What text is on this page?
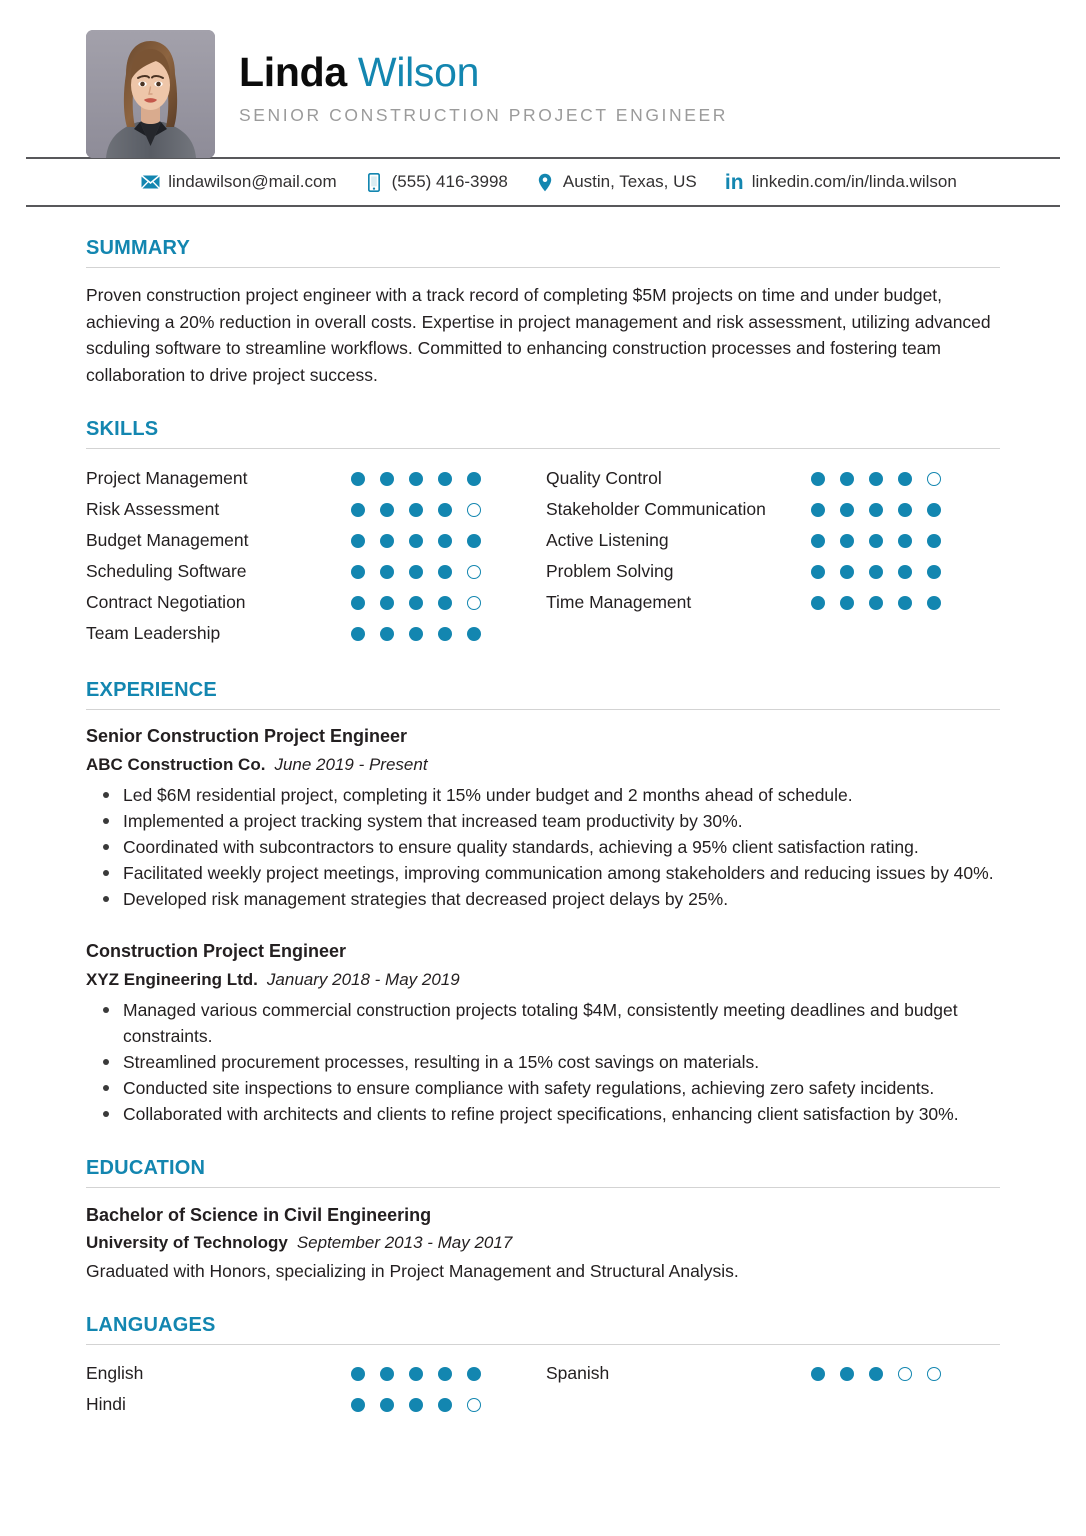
Linda Wilson
SENIOR CONSTRUCTION PROJECT ENGINEER
lindawilson@mail.com	(555) 416-3998	Austin, Texas, US in linkedin.com/in/linda.wilson
SUMMARY

Proven construction project engineer with a track record of completing $5M projects on time and under budget, achieving a 20% reduction in overall costs. Expertise in project management and risk assessment, utilizing advanced scduling software to streamline workflows. Committed to enhancing construction processes and fostering team collaboration to drive project success.

SKILLS
Project Management
Risk Assessment
Budget Management
Scheduling Software
Contract Negotiation
Team Leadership
Quality Control
Stakeholder Communication
Active Listening
Problem Solving
Time Management
EXPERIENCE
Senior Construction Project Engineer
ABC Construction Co. June 2019 - Present
Led $6M residential project, completing it 15% under budget and 2 months ahead of schedule.
Implemented a project tracking system that increased team productivity by 30%.
Coordinated with subcontractors to ensure quality standards, achieving a 95% client satisfaction rating.
Facilitated weekly project meetings, improving communication among stakeholders and reducing issues by 40%.
Developed risk management strategies that decreased project delays by 25%.
Construction Project Engineer
XYZ Engineering Ltd. January 2018 - May 2019
Managed various commercial construction projects totaling $4M, consistently meeting deadlines and budget constraints.
Streamlined procurement processes, resulting in a 15% cost savings on materials.
Conducted site inspections to ensure compliance with safety regulations, achieving zero safety incidents.
Collaborated with architects and clients to refine project specifications, enhancing client satisfaction by 30%.
EDUCATION
Bachelor of Science in Civil Engineering
University of Technology September 2013 - May 2017
Graduated with Honors, specializing in Project Management and Structural Analysis.
LANGUAGES
English
Hindi
Spanish
